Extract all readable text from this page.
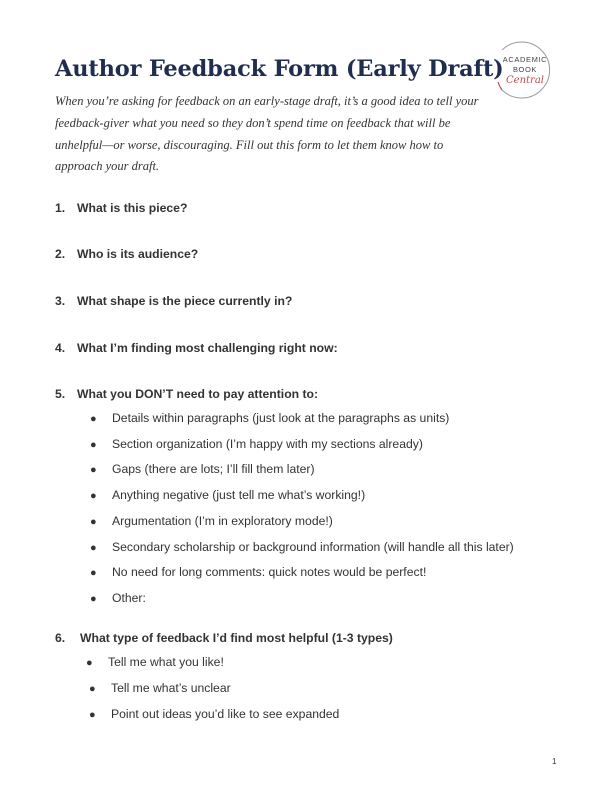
Author Feedback Form (Early Draft) ACADEMIC
BOOK
Central

When you’re asking for feedback on an early-stage draft, it’s a good idea to tell your feedback-giver what you need so they don’t spend time on feedback that will be unhelpful—or worse, discouraging. Fill out this form to let them know how to approach your draft.

1. What is this piece?

2. Who is its audience?

3. What shape is the piece currently in?

4. What I’m finding most challenging right now:

5. What you DON’T need to pay attention to:

● Details within paragraphs (just look at the paragraphs as units)

● Section organization (I’m happy with my sections already)

● Gaps (there are lots; I’ll fill them later)

● Anything negative (just tell me what’s working!)

● Argumentation (I’m in exploratory mode!)

● Secondary scholarship or background information (will handle all this later)

● No need for long comments: quick notes would be perfect!

● Other:

6. What type of feedback I’d find most helpful (1-3 types)

● Tell me what you like!

● Tell me what’s unclear

● Point out ideas you’d like to see expanded

1
